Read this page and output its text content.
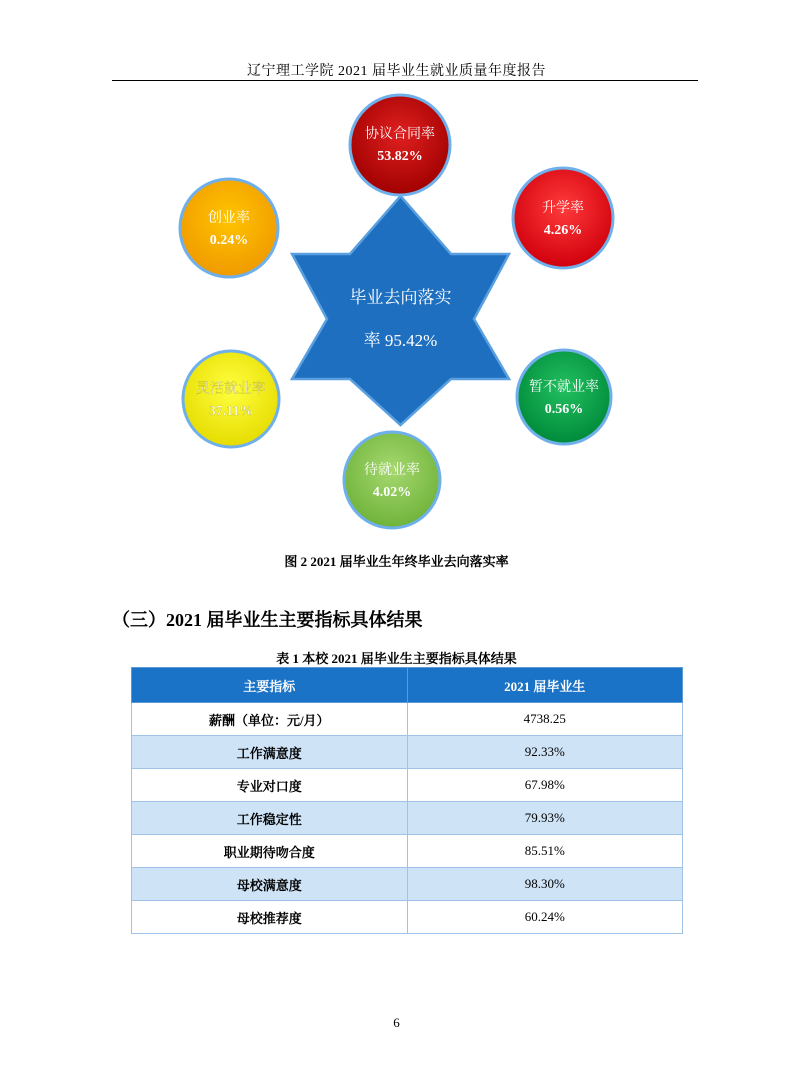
辽宁理工学院 2021 届毕业生就业质量年度报告
毕业去向落实
率 95.42%
协议合同率
53.82%
升学率
4.26%
暂不就业率
0.56%
待就业率
4.02%
灵活就业率
37.11%
创业率
0.24%
图 2 2021 届毕业生年终毕业去向落实率
（三）2021 届毕业生主要指标具体结果
表 1 本校 2021 届毕业生主要指标具体结果
主要指标	2021 届毕业生
薪酬（单位：元/月）	4738.25
工作满意度	92.33%
专业对口度	67.98%
工作稳定性	79.93%
职业期待吻合度	85.51%
母校满意度	98.30%
母校推荐度	60.24%
6
